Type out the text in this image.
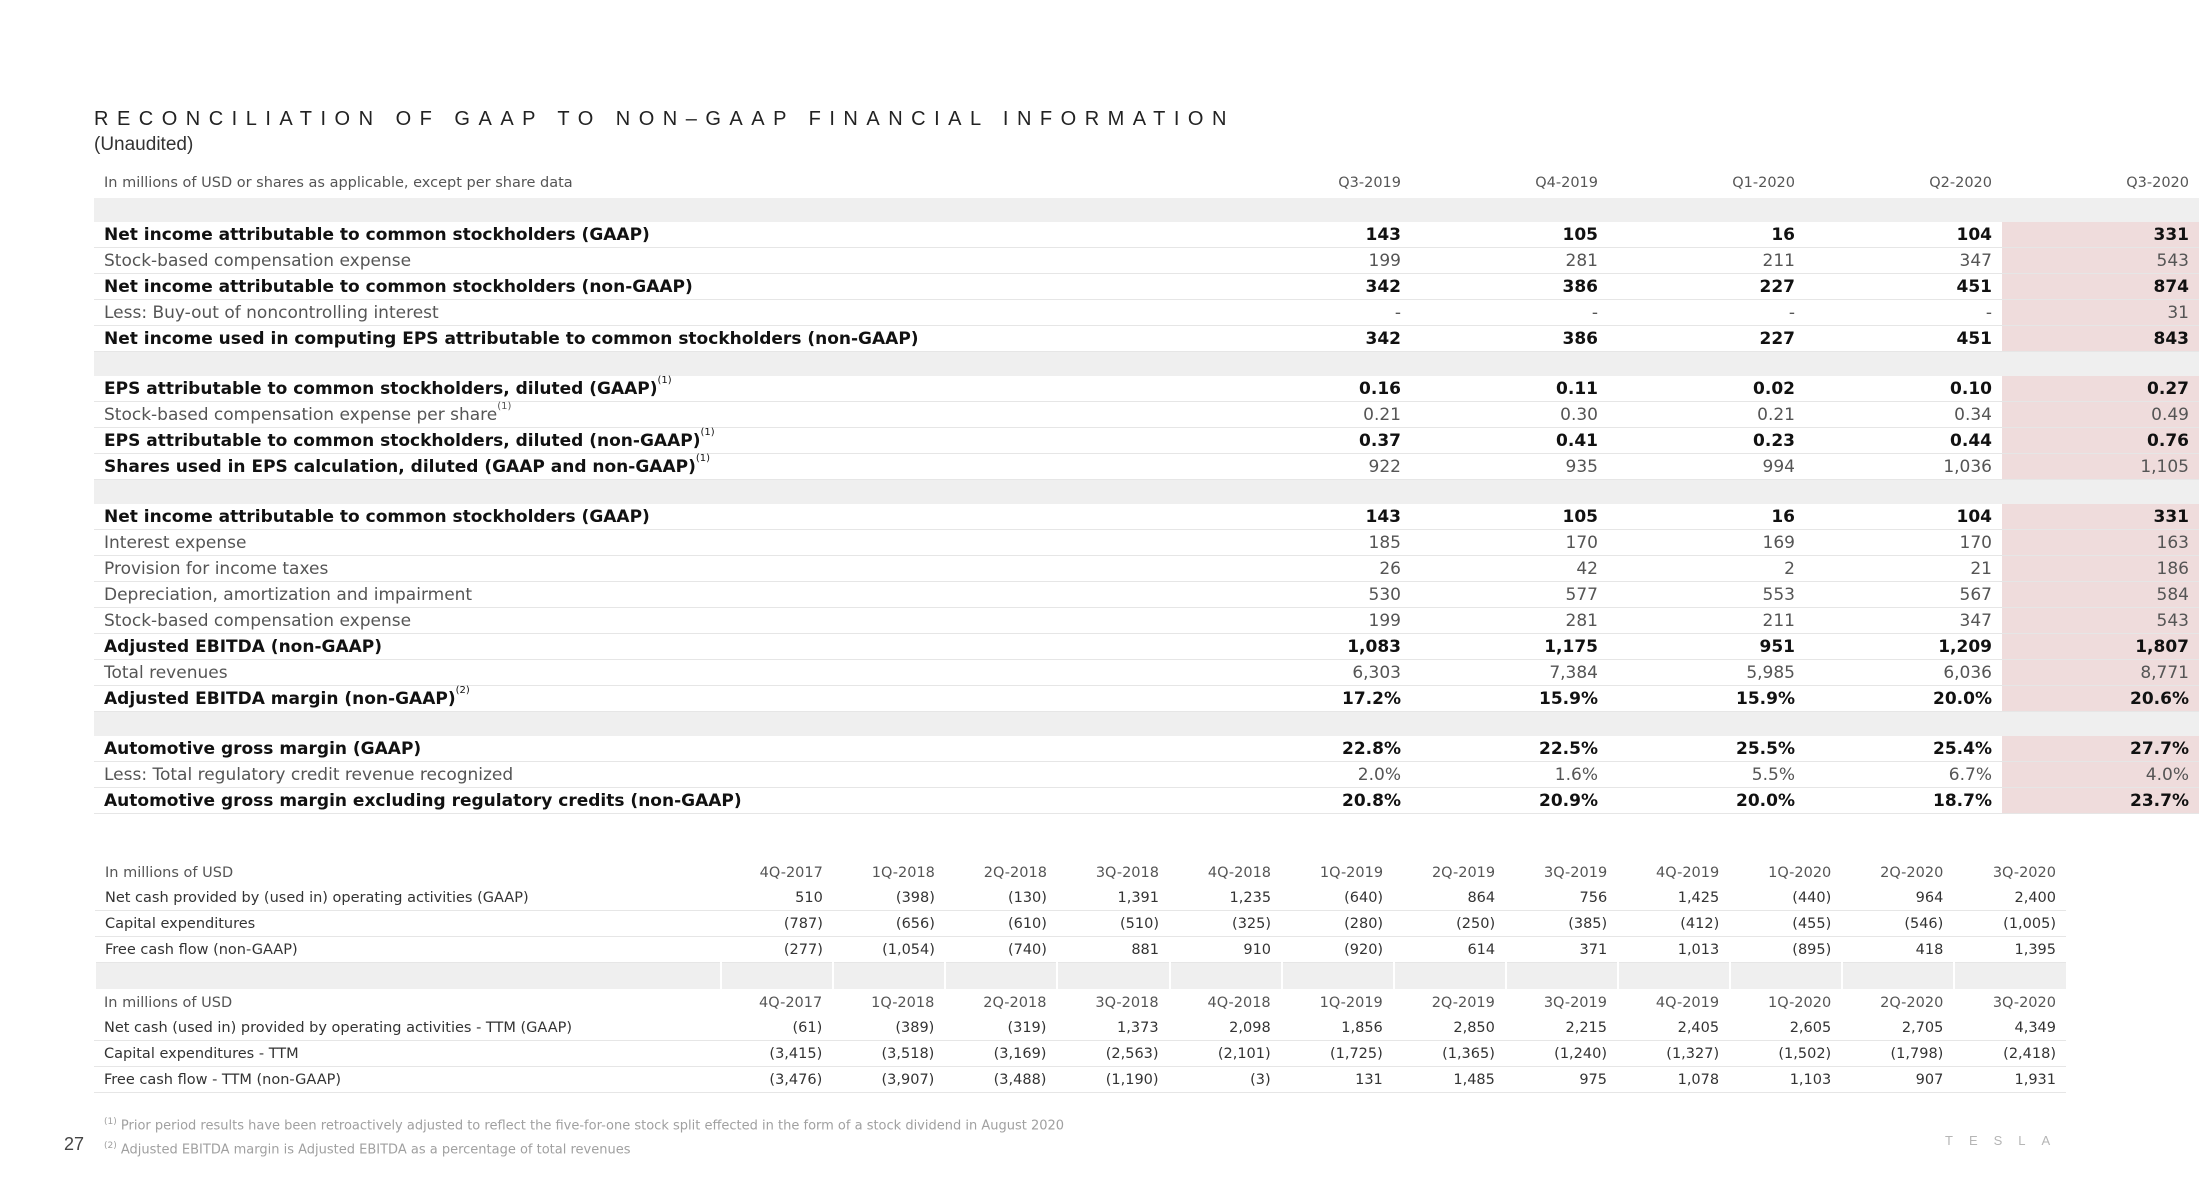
RECONCILIATION OF GAAP TO NON–GAAP FINANCIAL INFORMATION
(Unaudited)
In millions of USD or shares as applicable, except per share data	Q3-2019	Q4-2019	Q1-2020	Q2-2020	Q3-2020

Net income attributable to common stockholders (GAAP)	143	105	16	104	331
Stock-based compensation expense	199	281	211	347	543
Net income attributable to common stockholders (non-GAAP)	342	386	227	451	874
Less: Buy-out of noncontrolling interest	-	-	-	-	31
Net income used in computing EPS attributable to common stockholders (non-GAAP)	342	386	227	451	843

EPS attributable to common stockholders, diluted (GAAP)$^{(1)}$	0.16	0.11	0.02	0.10	0.27
Stock-based compensation expense per share$^{(1)}$	0.21	0.30	0.21	0.34	0.49
EPS attributable to common stockholders, diluted (non-GAAP)$^{(1)}$	0.37	0.41	0.23	0.44	0.76
Shares used in EPS calculation, diluted (GAAP and non-GAAP)$^{(1)}$	922	935	994	1,036	1,105

Net income attributable to common stockholders (GAAP)	143	105	16	104	331
Interest expense	185	170	169	170	163
Provision for income taxes	26	42	2	21	186
Depreciation, amortization and impairment	530	577	553	567	584
Stock-based compensation expense	199	281	211	347	543
Adjusted EBITDA (non-GAAP)	1,083	1,175	951	1,209	1,807
Total revenues	6,303	7,384	5,985	6,036	8,771
Adjusted EBITDA margin (non-GAAP)$^{(2)}$	17.2%	15.9%	15.9%	20.0%	20.6%

Automotive gross margin (GAAP)	22.8%	22.5%	25.5%	25.4%	27.7%
Less: Total regulatory credit revenue recognized	2.0%	1.6%	5.5%	6.7%	4.0%
Automotive gross margin excluding regulatory credits (non-GAAP)	20.8%	20.9%	20.0%	18.7%	23.7%
In millions of USD	4Q-2017	1Q-2018	2Q-2018	3Q-2018	4Q-2018	1Q-2019	2Q-2019	3Q-2019	4Q-2019	1Q-2020	2Q-2020	3Q-2020
Net cash provided by (used in) operating activities (GAAP)	510	(398)	(130)	1,391	1,235	(640)	864	756	1,425	(440)	964	2,400
Capital expenditures	(787)	(656)	(610)	(510)	(325)	(280)	(250)	(385)	(412)	(455)	(546)	(1,005)
Free cash flow (non-GAAP)	(277)	(1,054)	(740)	881	910	(920)	614	371	1,013	(895)	418	1,395

In millions of USD	4Q-2017	1Q-2018	2Q-2018	3Q-2018	4Q-2018	1Q-2019	2Q-2019	3Q-2019	4Q-2019	1Q-2020	2Q-2020	3Q-2020
Net cash (used in) provided by operating activities - TTM (GAAP)	(61)	(389)	(319)	1,373	2,098	1,856	2,850	2,215	2,405	2,605	2,705	4,349
Capital expenditures - TTM	(3,415)	(3,518)	(3,169)	(2,563)	(2,101)	(1,725)	(1,365)	(1,240)	(1,327)	(1,502)	(1,798)	(2,418)
Free cash flow - TTM (non-GAAP)	(3,476)	(3,907)	(3,488)	(1,190)	(3)	131	1,485	975	1,078	1,103	907	1,931
$^{(1)}$ Prior period results have been retroactively adjusted to reflect the five-for-one stock split effected in the form of a stock dividend in August 2020
$^{(2)}$ Adjusted EBITDA margin is Adjusted EBITDA as a percentage of total revenues
27	TESLA
